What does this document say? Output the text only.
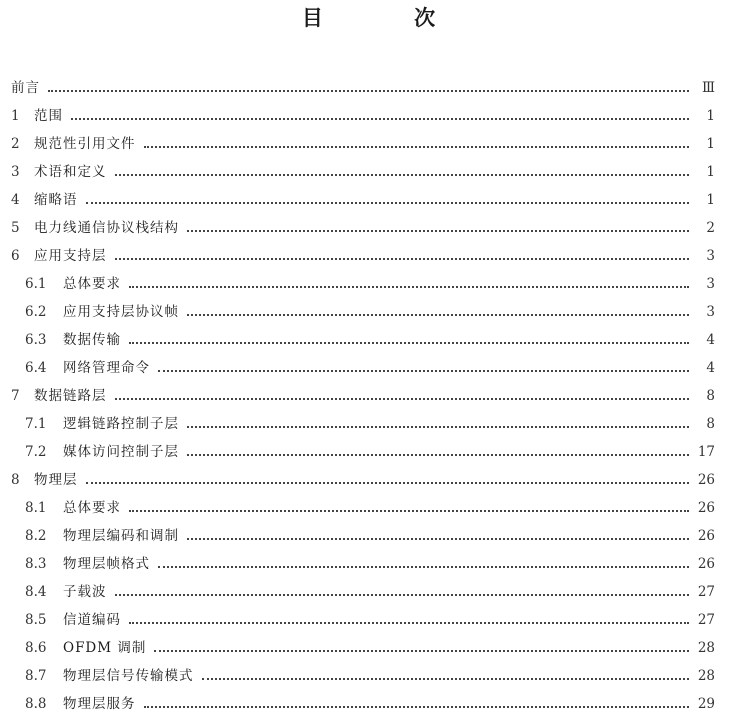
目 次
前言	Ⅲ
1	范围	1
2	规范性引用文件	1
3	术语和定义	1
4	缩略语	1
5	电力线通信协议栈结构	2
6	应用支持层	3
6.1	总体要求	3
6.2	应用支持层协议帧	3
6.3	数据传输	4
6.4	网络管理命令	4
7	数据链路层	8
7.1	逻辑链路控制子层	8
7.2	媒体访问控制子层	17
8	物理层	26
8.1	总体要求	26
8.2	物理层编码和调制	26
8.3	物理层帧格式	26
8.4	子载波	27
8.5	信道编码	27
8.6	OFDM 调制	28
8.7	物理层信号传输模式	28
8.8	物理层服务	29
